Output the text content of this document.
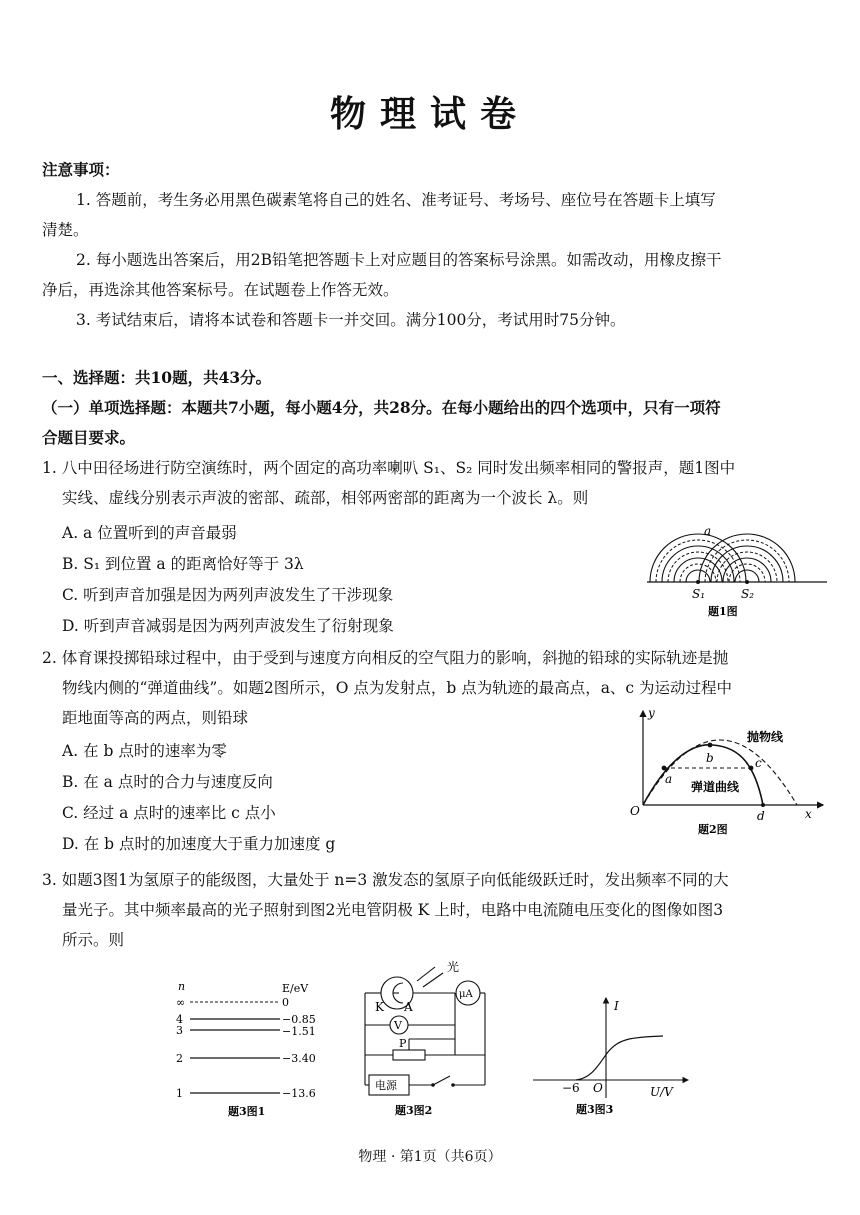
物理试卷
注意事项：
1. 答题前，考生务必用黑色碳素笔将自己的姓名、准考证号、考场号、座位号在答题卡上填写
清楚。
2. 每小题选出答案后，用2B铅笔把答题卡上对应题目的答案标号涂黑。如需改动，用橡皮擦干
净后，再选涂其他答案标号。在试题卷上作答无效。
3. 考试结束后，请将本试卷和答题卡一并交回。满分100分，考试用时75分钟。
一、选择题：共10题，共43分。
（一）单项选择题：本题共7小题，每小题4分，共28分。在每小题给出的四个选项中，只有一项符
合题目要求。
1. 八中田径场进行防空演练时，两个固定的高功率喇叭 S₁、S₂ 同时发出频率相同的警报声，题1图中
实线、虚线分别表示声波的密部、疏部，相邻两密部的距离为一个波长 λ。则
A. a 位置听到的声音最弱
B. S₁ 到位置 a 的距离恰好等于 3λ
C. 听到声音加强是因为两列声波发生了干涉现象
D. 听到声音减弱是因为两列声波发生了衍射现象
a
S₁	S₂
题1图
2. 体育课投掷铅球过程中，由于受到与速度方向相反的空气阻力的影响，斜抛的铅球的实际轨迹是抛
物线内侧的“弹道曲线”。如题2图所示，O 点为发射点，b 点为轨迹的最高点，a、c 为运动过程中
距地面等高的两点，则铅球
A. 在 b 点时的速率为零
B. 在 a 点时的合力与速度反向
C. 经过 a 点时的速率比 c 点小
D. 在 b 点时的加速度大于重力加速度 g
y
x
O
a
b	c
d
抛物线
弹道曲线
题2图
3. 如题3图1为氢原子的能级图，大量处于 n=3 激发态的氢原子向低能级跃迁时，发出频率不同的大
量光子。其中频率最高的光子照射到图2光电管阴极 K 上时，电路中电流随电压变化的图像如图3
所示。则
n	E/eV
∞	0
4	−0.85
3	−1.51
2	−3.40
1	−13.6
题3图1
光
K A
V
μA
P
电源
题3图2
I
U/V
O
−6
题3图3
物理 · 第1页（共6页）
